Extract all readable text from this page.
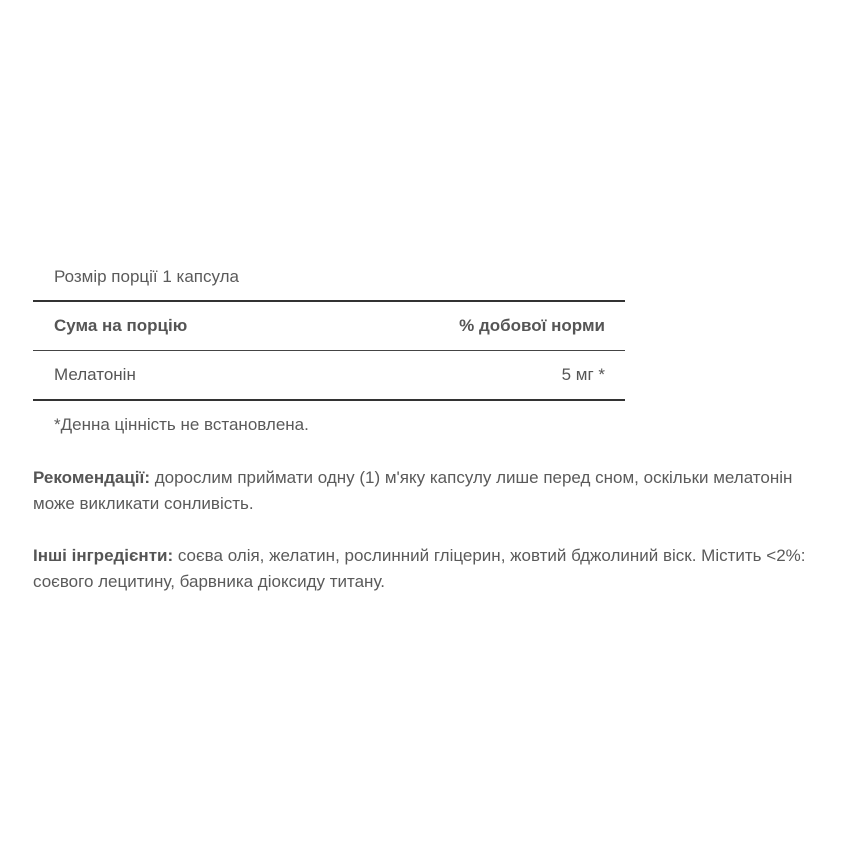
Розмір порції 1 капсула
Сума на порцію	% добової норми
Мелатонін	5 мг *
*Денна цінність не встановлена.
Рекомендації: дорослим приймати одну (1) м'яку капсулу лише перед сном, оскільки мелатонін може викликати сонливість.
Інші інгредієнти: соєва олія, желатин, рослинний гліцерин, жовтий бджолиний віск. Містить <2%: соєвого лецитину, барвника діоксиду титану.
